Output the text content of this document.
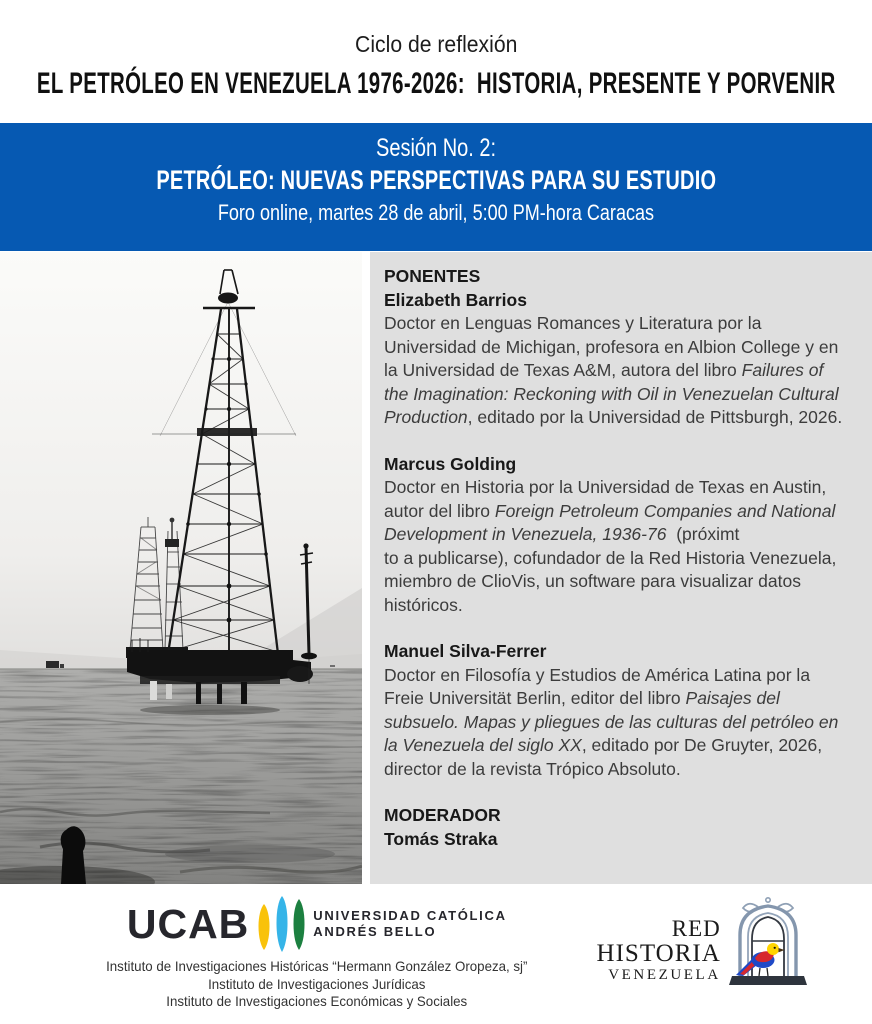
Ciclo de reflexión
EL PETRÓLEO EN VENEZUELA 1976-2026:  HISTORIA, PRESENTE Y PORVENIR
Sesión No. 2:
PETRÓLEO: NUEVAS PERSPECTIVAS PARA SU ESTUDIO
Foro online, martes 28 de abril, 5:00 PM-hora Caracas
PONENTES
Elizabeth Barrios
Doctor en Lenguas Romances y Literatura por la Universidad de Michigan, profesora en Albion College y en la Universidad de Texas A&M, autora del libro Failures of the Imagination: Reckoning with Oil in Venezuelan Cultural Production, editado por la Universidad de Pittsburgh, 2026.
Marcus Golding
Doctor en Historia por la Universidad de Texas en Austin, autor del libro Foreign Petroleum Companies and National Development in Venezuela, 1936-76  (próximt
to a publicarse), cofundador de la Red Historia Venezuela, miembro de ClioVis, un software para visualizar datos históricos.
Manuel Silva-Ferrer
Doctor en Filosofía y Estudios de América Latina por la Freie Universität Berlin, editor del libro Paisajes del subsuelo. Mapas y pliegues de las culturas del petróleo en la Venezuela del siglo XX, editado por De Gruyter, 2026, director de la revista Trópico Absoluto.
MODERADOR
Tomás Straka
UCAB	UNIVERSIDAD CATÓLICA
ANDRÉS BELLO
Instituto de Investigaciones Históricas “Hermann González Oropeza, sj”
Instituto de Investigaciones Jurídicas
Instituto de Investigaciones Económicas y Sociales
RED
HISTORIA
VENEZUELA
